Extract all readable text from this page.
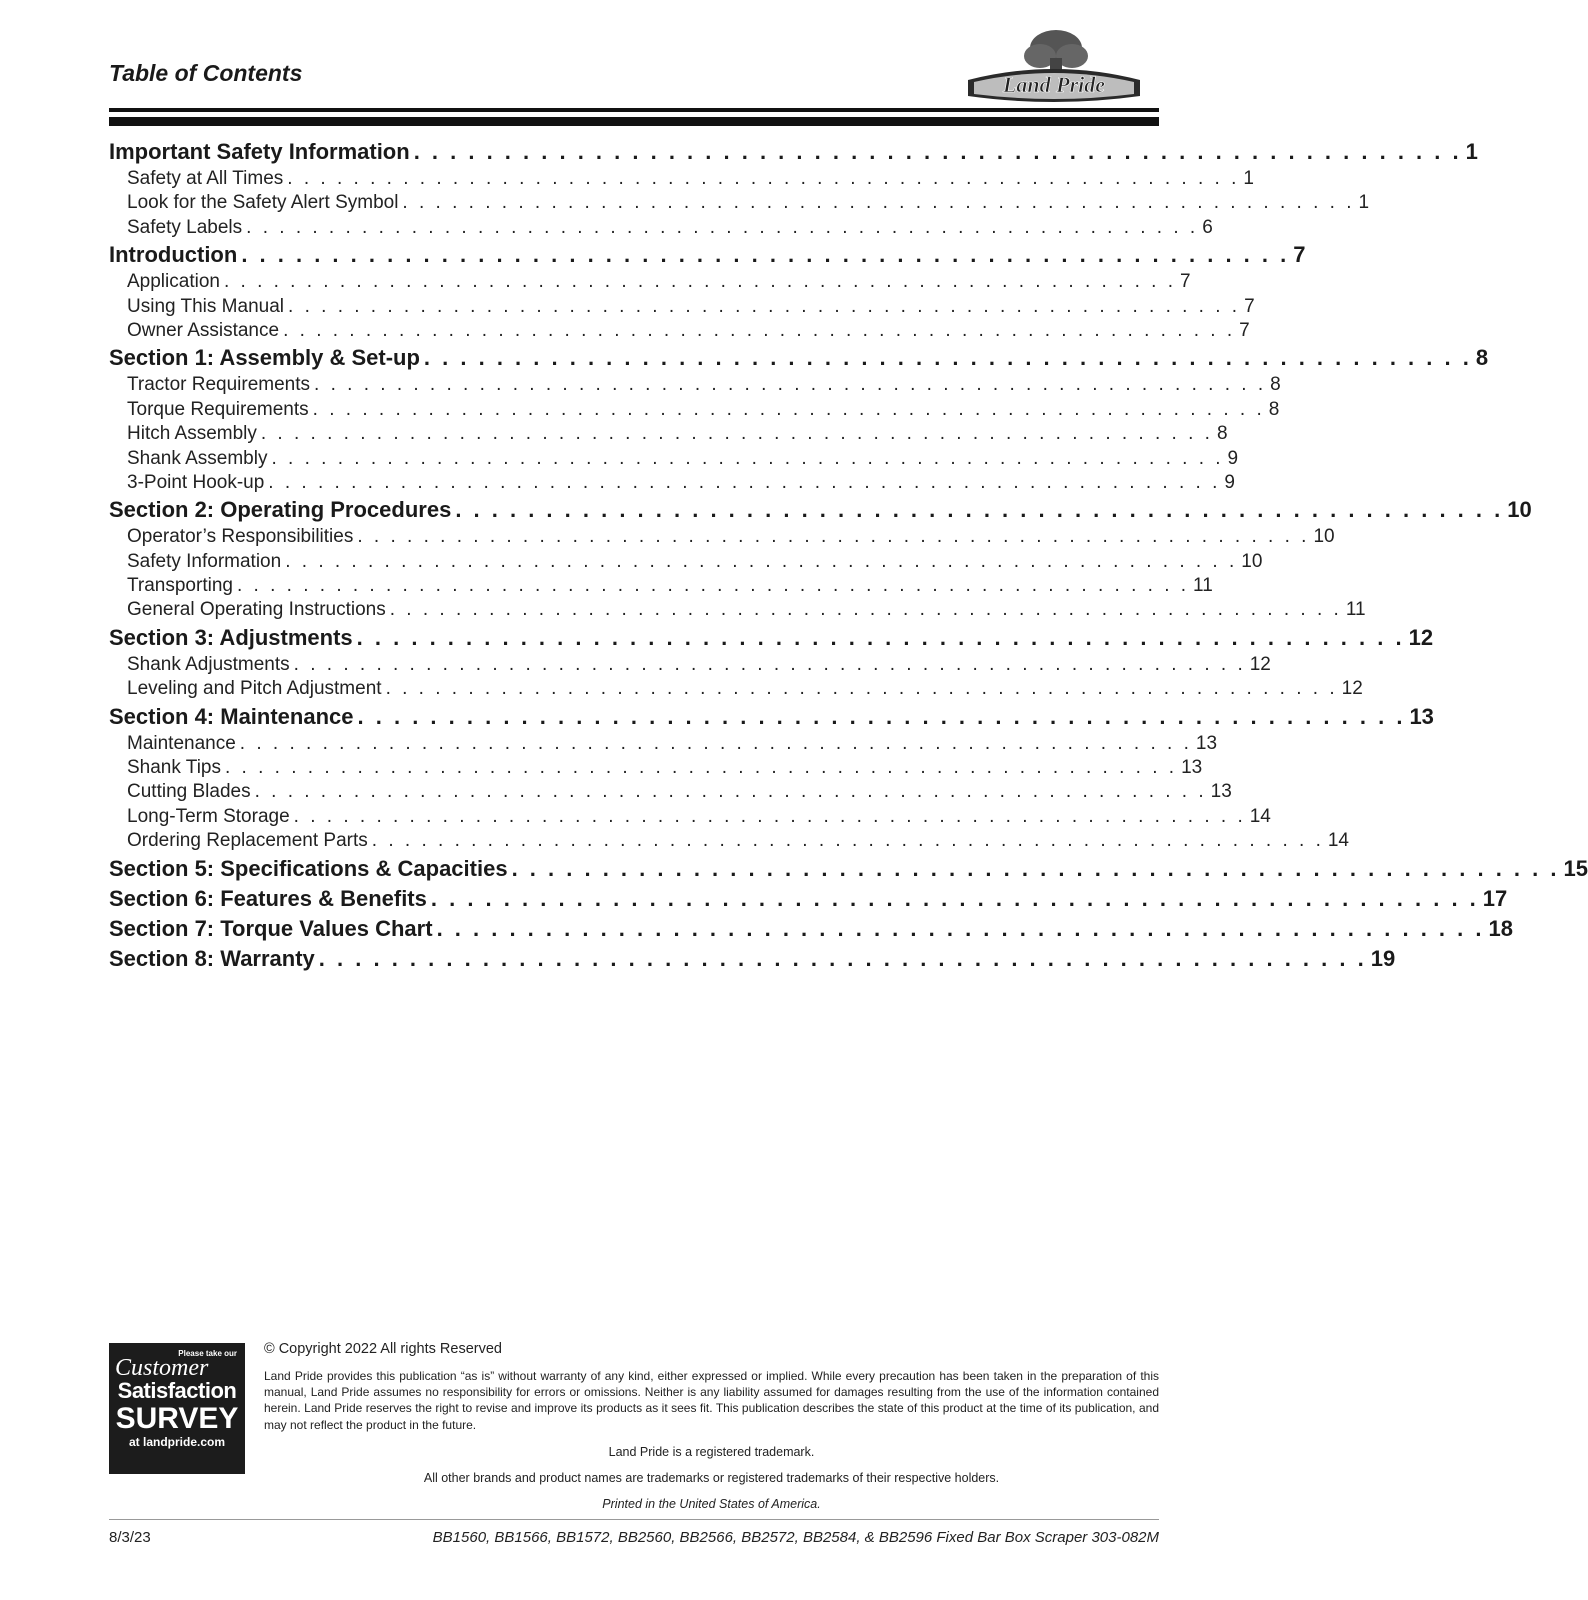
Table of Contents	Land Pride
Important Safety Information . . . . . . . . . . . . . . . . . . . . . . . . . . . . . . . . . . . . . . . . . . . . . . . . . . . . . . . . . . 1
Safety at All Times . . . . . . . . . . . . . . . . . . . . . . . . . . . . . . . . . . . . . . . . . . . . . . . . . . . . . . . . . . 1
Look for the Safety Alert Symbol . . . . . . . . . . . . . . . . . . . . . . . . . . . . . . . . . . . . . . . . . . . . . . . . . . . . . . . . . . 1
Safety Labels . . . . . . . . . . . . . . . . . . . . . . . . . . . . . . . . . . . . . . . . . . . . . . . . . . . . . . . . . . 6
Introduction . . . . . . . . . . . . . . . . . . . . . . . . . . . . . . . . . . . . . . . . . . . . . . . . . . . . . . . . . . 7
Application . . . . . . . . . . . . . . . . . . . . . . . . . . . . . . . . . . . . . . . . . . . . . . . . . . . . . . . . . . 7
Using This Manual . . . . . . . . . . . . . . . . . . . . . . . . . . . . . . . . . . . . . . . . . . . . . . . . . . . . . . . . . . 7
Owner Assistance . . . . . . . . . . . . . . . . . . . . . . . . . . . . . . . . . . . . . . . . . . . . . . . . . . . . . . . . . . 7
Section 1: Assembly & Set-up . . . . . . . . . . . . . . . . . . . . . . . . . . . . . . . . . . . . . . . . . . . . . . . . . . . . . . . . . . 8
Tractor Requirements . . . . . . . . . . . . . . . . . . . . . . . . . . . . . . . . . . . . . . . . . . . . . . . . . . . . . . . . . . 8
Torque Requirements . . . . . . . . . . . . . . . . . . . . . . . . . . . . . . . . . . . . . . . . . . . . . . . . . . . . . . . . . . 8
Hitch Assembly . . . . . . . . . . . . . . . . . . . . . . . . . . . . . . . . . . . . . . . . . . . . . . . . . . . . . . . . . . 8
Shank Assembly . . . . . . . . . . . . . . . . . . . . . . . . . . . . . . . . . . . . . . . . . . . . . . . . . . . . . . . . . . 9
3-Point Hook-up . . . . . . . . . . . . . . . . . . . . . . . . . . . . . . . . . . . . . . . . . . . . . . . . . . . . . . . . . . 9
Section 2: Operating Procedures . . . . . . . . . . . . . . . . . . . . . . . . . . . . . . . . . . . . . . . . . . . . . . . . . . . . . . . . . . 10
Operator’s Responsibilities . . . . . . . . . . . . . . . . . . . . . . . . . . . . . . . . . . . . . . . . . . . . . . . . . . . . . . . . . . 10
Safety Information . . . . . . . . . . . . . . . . . . . . . . . . . . . . . . . . . . . . . . . . . . . . . . . . . . . . . . . . . . 10
Transporting . . . . . . . . . . . . . . . . . . . . . . . . . . . . . . . . . . . . . . . . . . . . . . . . . . . . . . . . . . 11
General Operating Instructions . . . . . . . . . . . . . . . . . . . . . . . . . . . . . . . . . . . . . . . . . . . . . . . . . . . . . . . . . . 11
Section 3: Adjustments . . . . . . . . . . . . . . . . . . . . . . . . . . . . . . . . . . . . . . . . . . . . . . . . . . . . . . . . . . 12
Shank Adjustments . . . . . . . . . . . . . . . . . . . . . . . . . . . . . . . . . . . . . . . . . . . . . . . . . . . . . . . . . . 12
Leveling and Pitch Adjustment . . . . . . . . . . . . . . . . . . . . . . . . . . . . . . . . . . . . . . . . . . . . . . . . . . . . . . . . . . 12
Section 4: Maintenance . . . . . . . . . . . . . . . . . . . . . . . . . . . . . . . . . . . . . . . . . . . . . . . . . . . . . . . . . . 13
Maintenance . . . . . . . . . . . . . . . . . . . . . . . . . . . . . . . . . . . . . . . . . . . . . . . . . . . . . . . . . . 13
Shank Tips . . . . . . . . . . . . . . . . . . . . . . . . . . . . . . . . . . . . . . . . . . . . . . . . . . . . . . . . . . 13
Cutting Blades . . . . . . . . . . . . . . . . . . . . . . . . . . . . . . . . . . . . . . . . . . . . . . . . . . . . . . . . . . 13
Long-Term Storage . . . . . . . . . . . . . . . . . . . . . . . . . . . . . . . . . . . . . . . . . . . . . . . . . . . . . . . . . . 14
Ordering Replacement Parts . . . . . . . . . . . . . . . . . . . . . . . . . . . . . . . . . . . . . . . . . . . . . . . . . . . . . . . . . . 14
Section 5: Specifications & Capacities . . . . . . . . . . . . . . . . . . . . . . . . . . . . . . . . . . . . . . . . . . . . . . . . . . . . . . . . . . 15
Section 6: Features & Benefits . . . . . . . . . . . . . . . . . . . . . . . . . . . . . . . . . . . . . . . . . . . . . . . . . . . . . . . . . . 17
Section 7: Torque Values Chart . . . . . . . . . . . . . . . . . . . . . . . . . . . . . . . . . . . . . . . . . . . . . . . . . . . . . . . . . . 18
Section 8: Warranty . . . . . . . . . . . . . . . . . . . . . . . . . . . . . . . . . . . . . . . . . . . . . . . . . . . . . . . . . . 19
Please take our
Customer
Satisfaction
SURVEY
at landpride.com
© Copyright 2022 All rights Reserved
Land Pride provides this publication “as is” without warranty of any kind, either expressed or implied. While every precaution has been taken in the preparation of this manual, Land Pride assumes no responsibility for errors or omissions. Neither is any liability assumed for damages resulting from the use of the information contained herein. Land Pride reserves the right to revise and improve its products as it sees fit. This publication describes the state of this product at the time of its publication, and may not reflect the product in the future.
Land Pride is a registered trademark.
All other brands and product names are trademarks or registered trademarks of their respective holders.
Printed in the United States of America.
8/3/23	BB1560, BB1566, BB1572, BB2560, BB2566, BB2572, BB2584, & BB2596 Fixed Bar Box Scraper 303-082M
